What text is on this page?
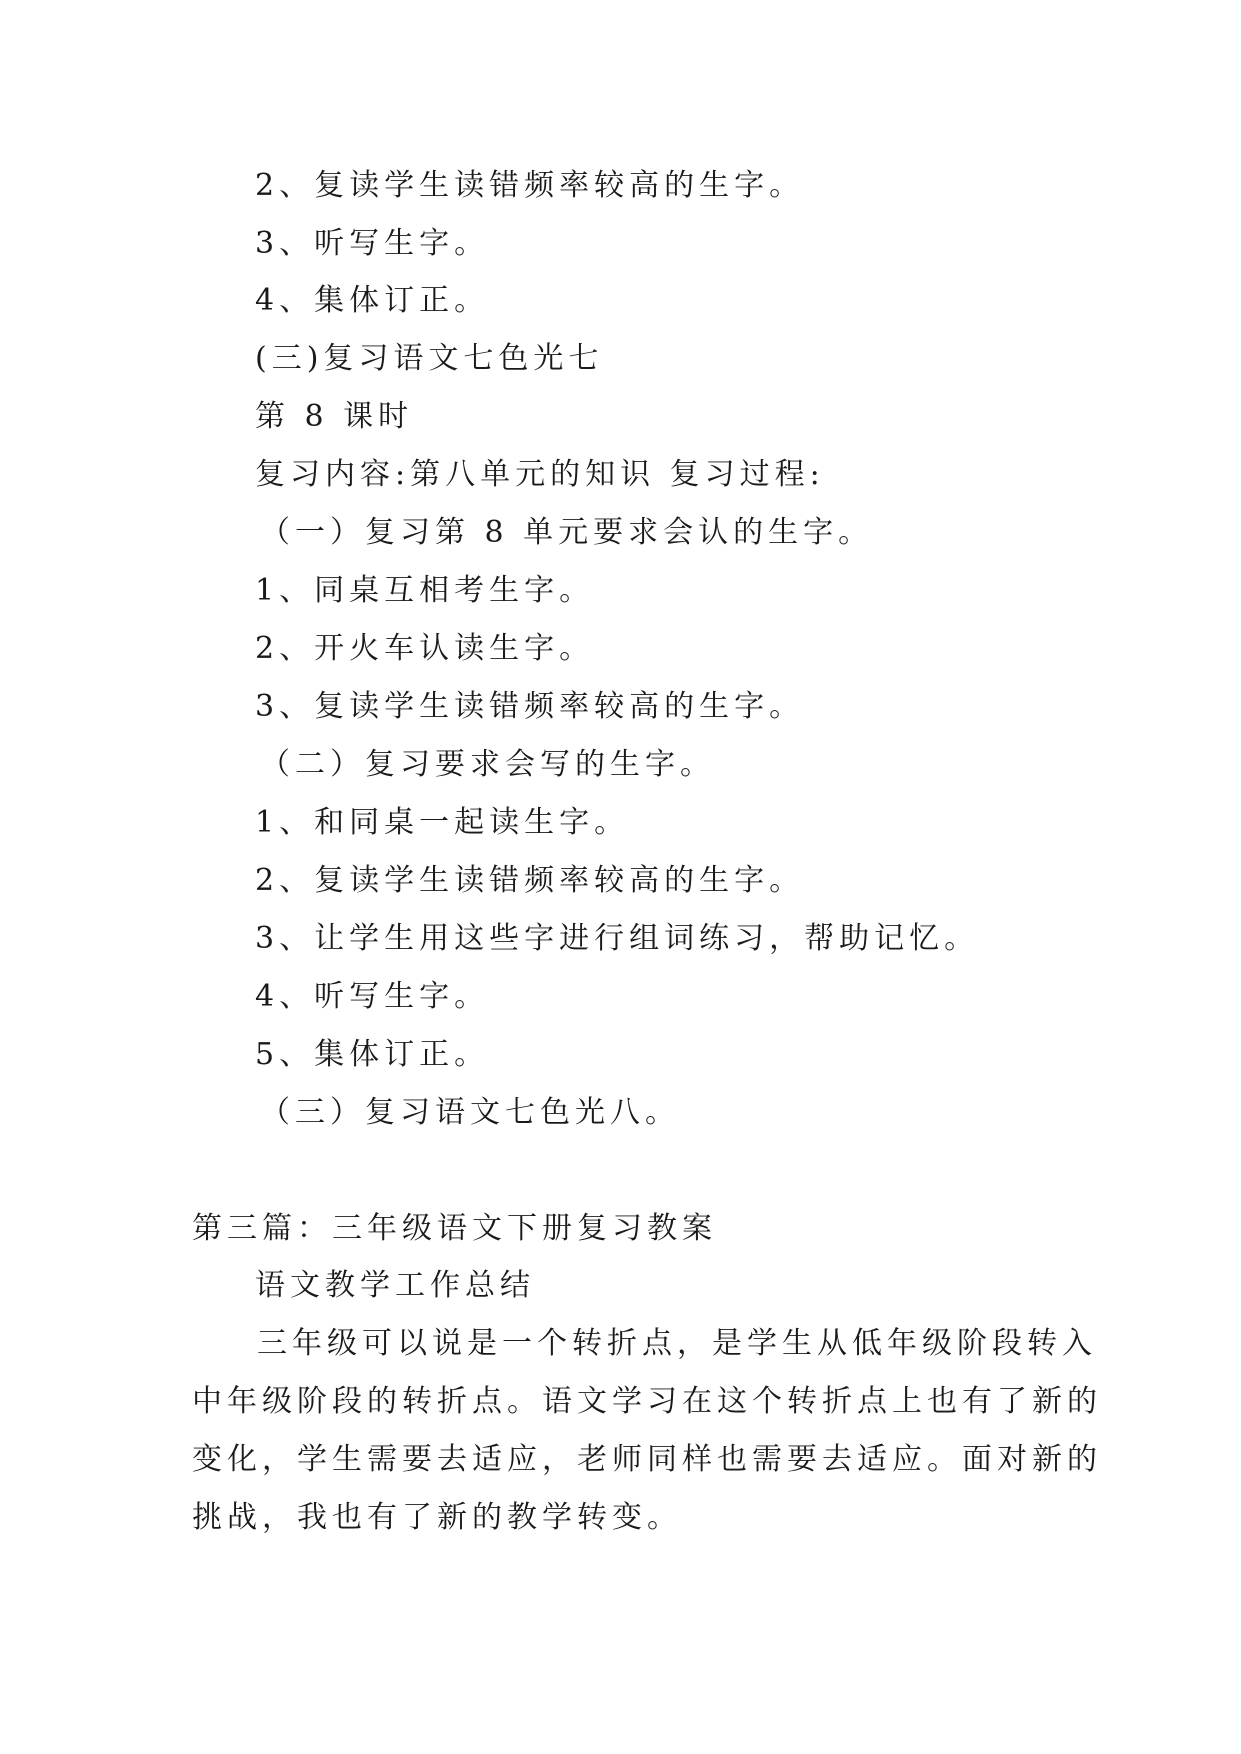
2、复读学生读错频率较高的生字。

3、听写生字。

4、集体订正。

(三)复习语文七色光七

第 8 课时

复习内容:第八单元的知识 复习过程:

（一）复习第 8 单元要求会认的生字。

1、同桌互相考生字。

2、开火车认读生字。

3、复读学生读错频率较高的生字。

（二）复习要求会写的生字。

1、和同桌一起读生字。

2、复读学生读错频率较高的生字。

3、让学生用这些字进行组词练习，帮助记忆。

4、听写生字。

5、集体订正。

（三）复习语文七色光八。

第三篇：三年级语文下册复习教案

语文教学工作总结

三年级可以说是一个转折点，是学生从低年级阶段转入

中年级阶段的转折点。语文学习在这个转折点上也有了新的

变化，学生需要去适应，老师同样也需要去适应。面对新的

挑战，我也有了新的教学转变。
